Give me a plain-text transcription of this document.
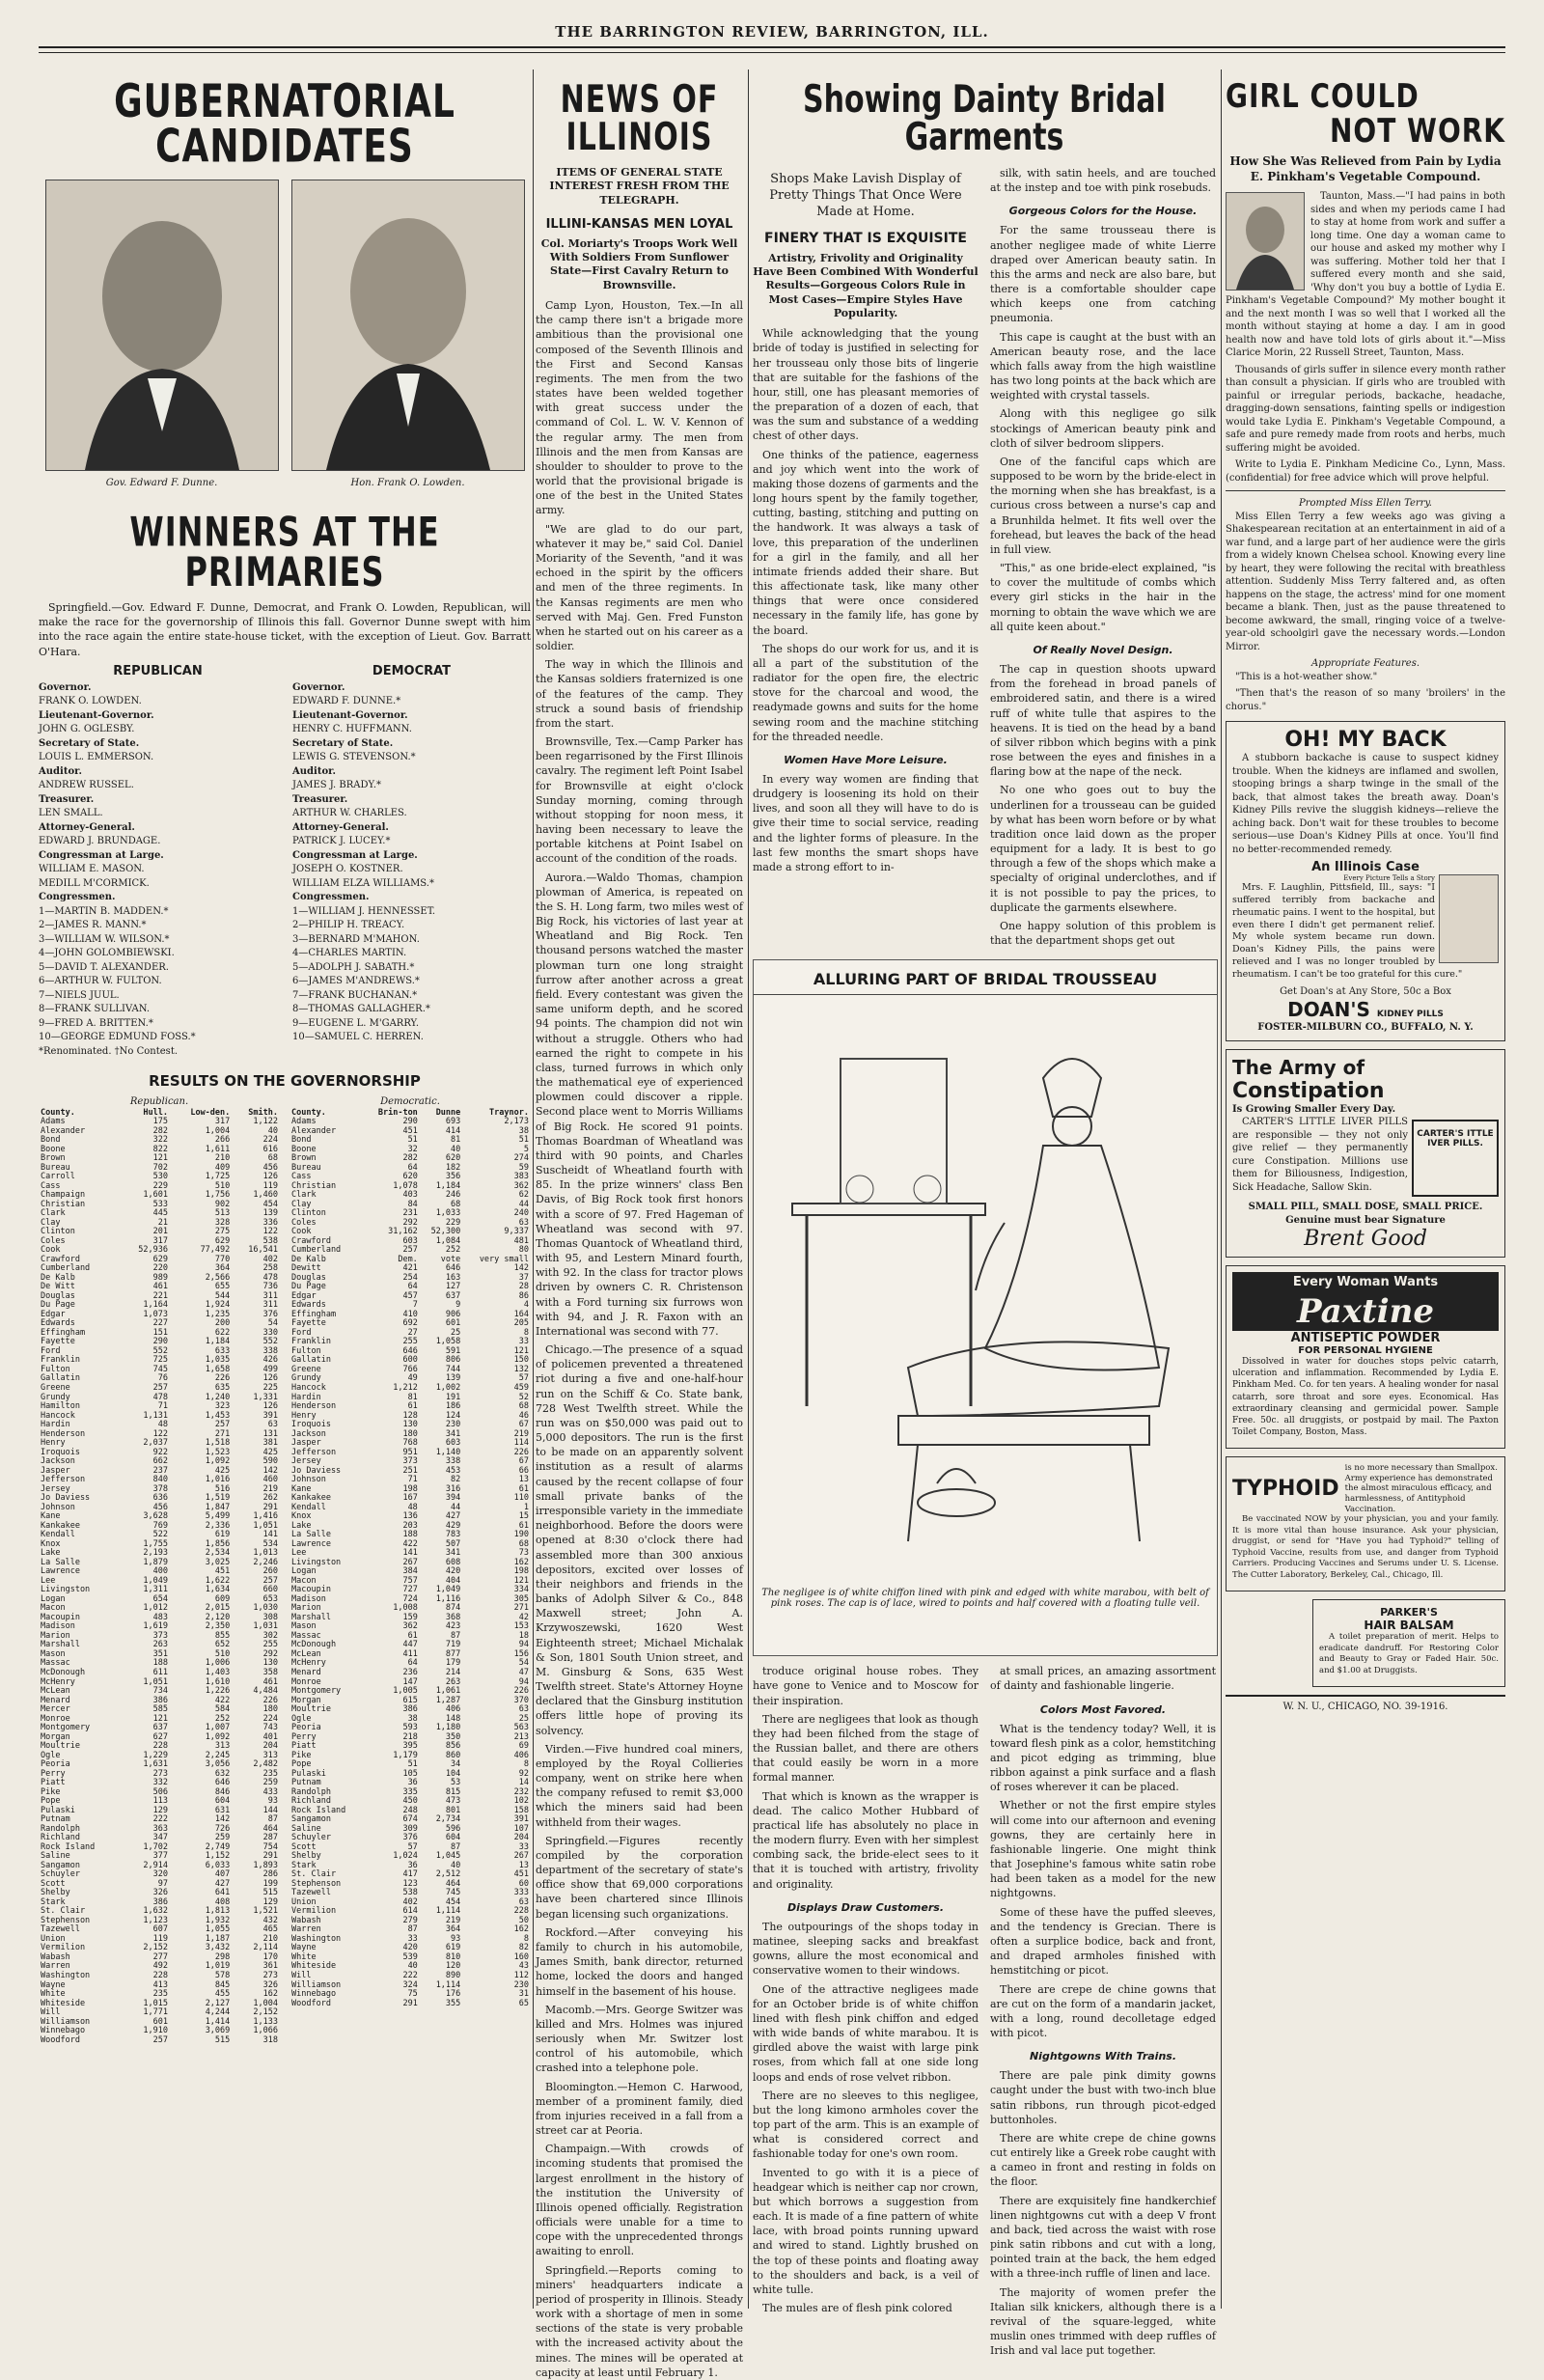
THE BARRINGTON REVIEW, BARRINGTON, ILL.
GUBERNATORIAL CANDIDATES
Gov. Edward F. Dunne.	Hon. Frank O. Lowden.
WINNERS AT THE PRIMARIES

Springfield.—Gov. Edward F. Dunne, Democrat, and Frank O. Lowden, Republican, will make the race for the governorship of Illinois this fall. Governor Dunne swept with him into the race again the entire state-house ticket, with the exception of Lieut. Gov. Barratt O'Hara.

REPUBLICAN
Governor.
FRANK O. LOWDEN.
Lieutenant-Governor.
JOHN G. OGLESBY.
Secretary of State.
LOUIS L. EMMERSON.
Auditor.
ANDREW RUSSEL.
Treasurer.
LEN SMALL.
Attorney-General.
EDWARD J. BRUNDAGE.
Congressman at Large.
WILLIAM E. MASON.
MEDILL M'CORMICK.
Congressmen.
1—MARTIN B. MADDEN.*
2—JAMES R. MANN.*
3—WILLIAM W. WILSON.*
4—JOHN GOLOMBIEWSKI.
5—DAVID T. ALEXANDER.
6—ARTHUR W. FULTON.
7—NIELS JUUL.
8—FRANK SULLIVAN.
9—FRED A. BRITTEN.*
10—GEORGE EDMUND FOSS.*
*Renominated. †No Contest.
DEMOCRAT
Governor.
EDWARD F. DUNNE.*
Lieutenant-Governor.
HENRY C. HUFFMANN.
Secretary of State.
LEWIS G. STEVENSON.*
Auditor.
JAMES J. BRADY.*
Treasurer.
ARTHUR W. CHARLES.
Attorney-General.
PATRICK J. LUCEY.*
Congressman at Large.
JOSEPH O. KOSTNER.
WILLIAM ELZA WILLIAMS.*
Congressmen.
1—WILLIAM J. HENNESSET.
2—PHILIP H. TREACY.
3—BERNARD M'MAHON.
4—CHARLES MARTIN.
5—ADOLPH J. SABATH.*
6—JAMES M'ANDREWS.*
7—FRANK BUCHANAN.*
8—THOMAS GALLAGHER.*
9—EUGENE L. M'GARRY.
10—SAMUEL C. HERREN.
RESULTS ON THE GOVERNORSHIP
Republican.
County.	Hull.	Low-den.	Smith.
Adams	175	317	1,122
Alexander	282	1,004	40
Bond	322	266	224
Boone	822	1,611	616
Brown	121	210	68
Bureau	702	409	456
Carroll	530	1,725	126
Cass	229	510	119
Champaign	1,601	1,756	1,460
Christian	533	902	454
Clark	445	513	139
Clay	21	328	336
Clinton	201	275	122
Coles	317	629	538
Cook	52,936	77,492	16,541
Crawford	629	770	402
Cumberland	220	364	258
De Kalb	989	2,566	478
De Witt	461	655	736
Douglas	221	544	311
Du Page	1,164	1,924	311
Edgar	1,073	1,235	376
Edwards	227	200	54
Effingham	151	622	330
Fayette	290	1,184	552
Ford	552	633	338
Franklin	725	1,035	426
Fulton	745	1,658	499
Gallatin	76	226	126
Greene	257	635	225
Grundy	478	1,240	1,331
Hamilton	71	323	126
Hancock	1,131	1,453	391
Hardin	48	257	63
Henderson	122	271	131
Henry	2,037	1,518	381
Iroquois	922	1,523	425
Jackson	662	1,092	590
Jasper	237	425	142
Jefferson	840	1,016	460
Jersey	378	516	219
Jo Daviess	636	1,519	262
Johnson	456	1,847	291
Kane	3,628	5,499	1,416
Kankakee	769	2,336	1,051
Kendall	522	619	141
Knox	1,755	1,856	534
Lake	2,193	2,534	1,013
La Salle	1,879	3,025	2,246
Lawrence	400	451	260
Lee	1,049	1,622	257
Livingston	1,311	1,634	660
Logan	654	609	653
Macon	1,012	2,015	1,030
Macoupin	483	2,120	308
Madison	1,619	2,350	1,031
Marion	373	855	302
Marshall	263	652	255
Mason	351	510	292
Massac	188	1,006	130
McDonough	611	1,403	358
McHenry	1,051	1,610	461
McLean	734	1,226	4,484
Menard	386	422	226
Mercer	585	584	180
Monroe	121	252	224
Montgomery	637	1,007	743
Morgan	627	1,092	401
Moultrie	228	313	204
Ogle	1,229	2,245	313
Peoria	1,631	3,056	2,482
Perry	273	632	235
Piatt	332	646	259
Pike	506	846	433
Pope	113	604	93
Pulaski	129	631	144
Putnam	222	142	87
Randolph	363	726	464
Richland	347	259	287
Rock Island	1,702	2,749	754
Saline	377	1,152	291
Sangamon	2,914	6,033	1,893
Schuyler	320	407	286
Scott	97	427	199
Shelby	326	641	515
Stark	386	408	129
St. Clair	1,632	1,813	1,521
Stephenson	1,123	1,932	432
Tazewell	607	1,055	465
Union	119	1,187	210
Vermilion	2,152	3,432	2,114
Wabash	277	298	170
Warren	492	1,019	361
Washington	228	578	273
Wayne	413	845	326
White	235	455	162
Whiteside	1,015	2,127	1,004
Will	1,771	4,244	2,152
Williamson	601	1,414	1,133
Winnebago	1,910	3,069	1,066
Woodford	257	515	318
Democratic.
County.	Brin-ton	Dunne	Traynor.
Adams	290	693	2,173
Alexander	451	414	38
Bond	51	81	51
Boone	32	40	5
Brown	282	620	274
Bureau	64	182	59
Cass	620	356	383
Christian	1,078	1,184	362
Clark	403	246	62
Clay	84	68	44
Clinton	231	1,033	240
Coles	292	229	63
Cook	31,162	52,300	9,337
Crawford	603	1,084	481
Cumberland	257	252	80
De Kalb	Dem.	vote	very small
Dewitt	421	646	142
Douglas	254	163	37
Du Page	64	127	28
Edgar	457	637	86
Edwards	7	9	4
Effingham	410	906	164
Fayette	692	601	205
Ford	27	25	8
Franklin	255	1,058	33
Fulton	646	591	121
Gallatin	600	806	150
Greene	766	744	132
Grundy	49	139	57
Hancock	1,212	1,002	459
Hardin	81	191	52
Henderson	61	186	68
Henry	128	124	46
Iroquois	130	230	67
Jackson	180	341	219
Jasper	768	603	114
Jefferson	951	1,140	226
Jersey	373	338	67
Jo Daviess	251	453	66
Johnson	71	82	13
Kane	198	316	61
Kankakee	167	394	110
Kendall	48	44	1
Knox	136	427	15
Lake	203	429	61
La Salle	188	783	190
Lawrence	422	507	68
Lee	141	341	73
Livingston	267	608	162
Logan	384	420	198
Macon	757	404	121
Macoupin	727	1,049	334
Madison	724	1,116	305
Marion	1,008	874	271
Marshall	159	368	42
Mason	362	423	153
Massac	61	87	18
McDonough	447	719	94
McLean	411	877	156
McHenry	64	179	54
Menard	236	214	47
Monroe	147	263	94
Montgomery	1,005	1,061	226
Morgan	615	1,287	370
Moultrie	386	406	63
Ogle	38	148	25
Peoria	593	1,180	563
Perry	218	350	213
Piatt	395	856	69
Pike	1,179	860	406
Pope	51	34	8
Pulaski	105	104	92
Putnam	36	53	14
Randolph	335	815	232
Richland	450	473	102
Rock Island	248	801	158
Sangamon	674	2,734	391
Saline	309	596	107
Schuyler	376	604	204
Scott	57	87	33
Shelby	1,024	1,045	267
Stark	36	40	13
St. Clair	417	2,512	451
Stephenson	123	464	60
Tazewell	538	745	333
Union	402	454	63
Vermilion	614	1,114	228
Wabash	279	219	50
Warren	87	364	162
Washington	33	93	8
Wayne	420	619	82
White	539	810	160
Whiteside	40	120	43
Will	222	890	112
Williamson	324	1,114	230
Winnebago	75	176	31
Woodford	291	355	65
NEWS OF ILLINOIS
ITEMS OF GENERAL STATE INTEREST FRESH FROM THE TELEGRAPH.
ILLINI-KANSAS MEN LOYAL
Col. Moriarty's Troops Work Well With Soldiers From Sunflower State—First Cavalry Return to Brownsville.

Camp Lyon, Houston, Tex.—In all the camp there isn't a brigade more ambitious than the provisional one composed of the Seventh Illinois and the First and Second Kansas regiments. The men from the two states have been welded together with great success under the command of Col. L. W. V. Kennon of the regular army. The men from Illinois and the men from Kansas are shoulder to shoulder to prove to the world that the provisional brigade is one of the best in the United States army.

"We are glad to do our part, whatever it may be," said Col. Daniel Moriarity of the Seventh, "and it was echoed in the spirit by the officers and men of the three regiments. In the Kansas regiments are men who served with Maj. Gen. Fred Funston when he started out on his career as a soldier.

The way in which the Illinois and the Kansas soldiers fraternized is one of the features of the camp. They struck a sound basis of friendship from the start.

Brownsville, Tex.—Camp Parker has been regarrisoned by the First Illinois cavalry. The regiment left Point Isabel for Brownsville at eight o'clock Sunday morning, coming through without stopping for noon mess, it having been necessary to leave the portable kitchens at Point Isabel on account of the condition of the roads.

Aurora.—Waldo Thomas, champion plowman of America, is repeated on the S. H. Long farm, two miles west of Big Rock, his victories of last year at Wheatland and Big Rock. Ten thousand persons watched the master plowman turn one long straight furrow after another across a great field. Every contestant was given the same uniform depth, and he scored 94 points. The champion did not win without a struggle. Others who had earned the right to compete in his class, turned furrows in which only the mathematical eye of experienced plowmen could discover a ripple. Second place went to Morris Williams of Big Rock. He scored 91 points. Thomas Boardman of Wheatland was third with 90 points, and Charles Suscheidt of Wheatland fourth with 85. In the prize winners' class Ben Davis, of Big Rock took first honors with a score of 97. Fred Hageman of Wheatland was second with 97. Thomas Quantock of Wheatland third, with 95, and Lestern Minard fourth, with 92. In the class for tractor plows driven by owners C. R. Christenson with a Ford turning six furrows won with 94, and J. R. Faxon with an International was second with 77.

Chicago.—The presence of a squad of policemen prevented a threatened riot during a five and one-half-hour run on the Schiff & Co. State bank, 728 West Twelfth street. While the run was on $50,000 was paid out to 5,000 depositors. The run is the first to be made on an apparently solvent institution as a result of alarms caused by the recent collapse of four small private banks of the irresponsible variety in the immediate neighborhood. Before the doors were opened at 8:30 o'clock there had assembled more than 300 anxious depositors, excited over losses of their neighbors and friends in the banks of Adolph Silver & Co., 848 Maxwell street; John A. Krzywoszewski, 1620 West Eighteenth street; Michael Michalak & Son, 1801 South Union street, and M. Ginsburg & Sons, 635 West Twelfth street. State's Attorney Hoyne declared that the Ginsburg institution offers little hope of proving its solvency.

Virden.—Five hundred coal miners, employed by the Royal Collieries company, went on strike here when the company refused to remit $3,000 which the miners said had been withheld from their wages.

Springfield.—Figures recently compiled by the corporation department of the secretary of state's office show that 69,000 corporations have been chartered since Illinois began licensing such organizations.

Rockford.—After conveying his family to church in his automobile, James Smith, bank director, returned home, locked the doors and hanged himself in the basement of his house.

Macomb.—Mrs. George Switzer was killed and Mrs. Holmes was injured seriously when Mr. Switzer lost control of his automobile, which crashed into a telephone pole.

Bloomington.—Hemon C. Harwood, member of a prominent family, died from injuries received in a fall from a street car at Peoria.

Champaign.—With crowds of incoming students that promised the largest enrollment in the history of the institution the University of Illinois opened officially. Registration officials were unable for a time to cope with the unprecedented throngs awaiting to enroll.

Springfield.—Reports coming to miners' headquarters indicate a period of prosperity in Illinois. Steady work with a shortage of men in some sections of the state is very probable with the increased activity about the mines. The mines will be operated at capacity at least until February 1.

Showing Dainty Bridal Garments
Shops Make Lavish Display of Pretty Things That Once Were Made at Home.
FINERY THAT IS EXQUISITE
Artistry, Frivolity and Originality Have Been Combined With Wonderful Results—Gorgeous Colors Rule in Most Cases—Empire Styles Have Popularity.

While acknowledging that the young bride of today is justified in selecting for her trousseau only those bits of lingerie that are suitable for the fashions of the hour, still, one has pleasant memories of the preparation of a dozen of each, that was the sum and substance of a wedding chest of other days.

One thinks of the patience, eagerness and joy which went into the work of making those dozens of garments and the long hours spent by the family together, cutting, basting, stitching and putting on the handwork. It was always a task of love, this preparation of the underlinen for a girl in the family, and all her intimate friends added their share. But this affectionate task, like many other things that were once considered necessary in the family life, has gone by the board.

The shops do our work for us, and it is all a part of the substitution of the radiator for the open fire, the electric stove for the charcoal and wood, the readymade gowns and suits for the home sewing room and the machine stitching for the threaded needle.

Women Have More Leisure.

In every way women are finding that drudgery is loosening its hold on their lives, and soon all they will have to do is give their time to social service, reading and the lighter forms of pleasure. In the last few months the smart shops have made a strong effort to in-

silk, with satin heels, and are touched at the instep and toe with pink rosebuds.

Gorgeous Colors for the House.

For the same trousseau there is another negligee made of white Lierre draped over American beauty satin. In this the arms and neck are also bare, but there is a comfortable shoulder cape which keeps one from catching pneumonia.

This cape is caught at the bust with an American beauty rose, and the lace which falls away from the high waistline has two long points at the back which are weighted with crystal tassels.

Along with this negligee go silk stockings of American beauty pink and cloth of silver bedroom slippers.

One of the fanciful caps which are supposed to be worn by the bride-elect in the morning when she has breakfast, is a curious cross between a nurse's cap and a Brunhilda helmet. It fits well over the forehead, but leaves the back of the head in full view.

"This," as one bride-elect explained, "is to cover the multitude of combs which every girl sticks in the hair in the morning to obtain the wave which we are all quite keen about."

Of Really Novel Design.

The cap in question shoots upward from the forehead in broad panels of embroidered satin, and there is a wired ruff of white tulle that aspires to the heavens. It is tied on the head by a band of silver ribbon which begins with a pink rose between the eyes and finishes in a flaring bow at the nape of the neck.

No one who goes out to buy the underlinen for a trousseau can be guided by what has been worn before or by what tradition once laid down as the proper equipment for a lady. It is best to go through a few of the shops which make a specialty of original underclothes, and if it is not possible to pay the prices, to duplicate the garments elsewhere.

One happy solution of this problem is that the department shops get out

ALLURING PART OF BRIDAL TROUSSEAU
The negligee is of white chiffon lined with pink and edged with white marabou, with belt of pink roses. The cap is of lace, wired to points and half covered with a floating tulle veil.

troduce original house robes. They have gone to Venice and to Moscow for their inspiration.

There are negligees that look as though they had been filched from the stage of the Russian ballet, and there are others that could easily be worn in a more formal manner.

That which is known as the wrapper is dead. The calico Mother Hubbard of practical life has absolutely no place in the modern flurry. Even with her simplest combing sack, the bride-elect sees to it that it is touched with artistry, frivolity and originality.

Displays Draw Customers.

The outpourings of the shops today in matinee, sleeping sacks and breakfast gowns, allure the most economical and conservative women to their windows.

One of the attractive negligees made for an October bride is of white chiffon lined with flesh pink chiffon and edged with wide bands of white marabou. It is girdled above the waist with large pink roses, from which fall at one side long loops and ends of rose velvet ribbon.

There are no sleeves to this negligee, but the long kimono armholes cover the top part of the arm. This is an example of what is considered correct and fashionable today for one's own room.

Invented to go with it is a piece of headgear which is neither cap nor crown, but which borrows a suggestion from each. It is made of a fine pattern of white lace, with broad points running upward and wired to stand. Lightly brushed on the top of these points and floating away to the shoulders and back, is a veil of white tulle.

The mules are of flesh pink colored

at small prices, an amazing assortment of dainty and fashionable lingerie.

Colors Most Favored.

What is the tendency today? Well, it is toward flesh pink as a color, hemstitching and picot edging as trimming, blue ribbon against a pink surface and a flash of roses wherever it can be placed.

Whether or not the first empire styles will come into our afternoon and evening gowns, they are certainly here in fashionable lingerie. One might think that Josephine's famous white satin robe had been taken as a model for the new nightgowns.

Some of these have the puffed sleeves, and the tendency is Grecian. There is often a surplice bodice, back and front, and draped armholes finished with hemstitching or picot.

There are crepe de chine gowns that are cut on the form of a mandarin jacket, with a long, round decolletage edged with picot.

Nightgowns With Trains.

There are pale pink dimity gowns caught under the bust with two-inch blue satin ribbons, run through picot-edged buttonholes.

There are white crepe de chine gowns cut entirely like a Greek robe caught with a cameo in front and resting in folds on the floor.

There are exquisitely fine handkerchief linen nightgowns cut with a deep V front and back, tied across the waist with rose pink satin ribbons and cut with a long, pointed train at the back, the hem edged with a three-inch ruffle of linen and lace.

The majority of women prefer the Italian silk knickers, although there is a revival of the square-legged, white muslin ones trimmed with deep ruffles of Irish and val lace put together.

GIRL COULD
NOT WORK
How She Was Relieved from Pain by Lydia E. Pinkham's Vegetable Compound.

Taunton, Mass.—"I had pains in both sides and when my periods came I had to stay at home from work and suffer a long time. One day a woman came to our house and asked my mother why I was suffering. Mother told her that I suffered every month and she said, 'Why don't you buy a bottle of Lydia E. Pinkham's Vegetable Compound?' My mother bought it and the next month I was so well that I worked all the month without staying at home a day. I am in good health now and have told lots of girls about it."—Miss Clarice Morin, 22 Russell Street, Taunton, Mass.

Thousands of girls suffer in silence every month rather than consult a physician. If girls who are troubled with painful or irregular periods, backache, headache, dragging-down sensations, fainting spells or indigestion would take Lydia E. Pinkham's Vegetable Compound, a safe and pure remedy made from roots and herbs, much suffering might be avoided.

Write to Lydia E. Pinkham Medicine Co., Lynn, Mass. (confidential) for free advice which will prove helpful.

Prompted Miss Ellen Terry.

Miss Ellen Terry a few weeks ago was giving a Shakespearean recitation at an entertainment in aid of a war fund, and a large part of her audience were the girls from a widely known Chelsea school. Knowing every line by heart, they were following the recital with breathless attention. Suddenly Miss Terry faltered and, as often happens on the stage, the actress' mind for one moment became a blank. Then, just as the pause threatened to become awkward, the small, ringing voice of a twelve-year-old schoolgirl gave the necessary words.—London Mirror.

Appropriate Features.

"This is a hot-weather show."

"Then that's the reason of so many 'broilers' in the chorus."

OH! MY BACK

A stubborn backache is cause to suspect kidney trouble. When the kidneys are inflamed and swollen, stooping brings a sharp twinge in the small of the back, that almost takes the breath away. Doan's Kidney Pills revive the sluggish kidneys—relieve the aching back. Don't wait for these troubles to become serious—use Doan's Kidney Pills at once. You'll find no better-recommended remedy.

An Illinois Case
Every Picture Tells a Story

Mrs. F. Laughlin, Pittsfield, Ill., says: "I suffered terribly from backache and rheumatic pains. I went to the hospital, but even there I didn't get permanent relief. My whole system became run down. Doan's Kidney Pills, the pains were relieved and I was no longer troubled by rheumatism. I can't be too grateful for this cure."

Get Doan's at Any Store, 50c a Box
DOAN'S KIDNEY PILLS
FOSTER-MILBURN CO., BUFFALO, N. Y.
The Army of
Constipation
Is Growing Smaller Every Day.
CARTER'S ITTLE IVER PILLS.

CARTER'S LITTLE LIVER PILLS are responsible — they not only give relief — they permanently cure Constipation. Millions use them for Biliousness, Indigestion, Sick Headache, Sallow Skin.

SMALL PILL, SMALL DOSE, SMALL PRICE.
Genuine must bear Signature
Brent Good
Every Woman Wants
Paxtine
ANTISEPTIC POWDER
FOR PERSONAL HYGIENE

Dissolved in water for douches stops pelvic catarrh, ulceration and inflammation. Recommended by Lydia E. Pinkham Med. Co. for ten years. A healing wonder for nasal catarrh, sore throat and sore eyes. Economical. Has extraordinary cleansing and germicidal power. Sample Free. 50c. all druggists, or postpaid by mail. The Paxton Toilet Company, Boston, Mass.

TYPHOID
is no more necessary than Smallpox. Army experience has demonstrated the almost miraculous efficacy, and harmlessness, of Antityphoid Vaccination.

Be vaccinated NOW by your physician, you and your family. It is more vital than house insurance. Ask your physician, druggist, or send for "Have you had Typhoid?" telling of Typhoid Vaccine, results from use, and danger from Typhoid Carriers. Producing Vaccines and Serums under U. S. License. The Cutter Laboratory, Berkeley, Cal., Chicago, Ill.

PARKER'S
HAIR BALSAM

A toilet preparation of merit. Helps to eradicate dandruff. For Restoring Color and Beauty to Gray or Faded Hair. 50c. and $1.00 at Druggists.

W. N. U., CHICAGO, NO. 39-1916.
